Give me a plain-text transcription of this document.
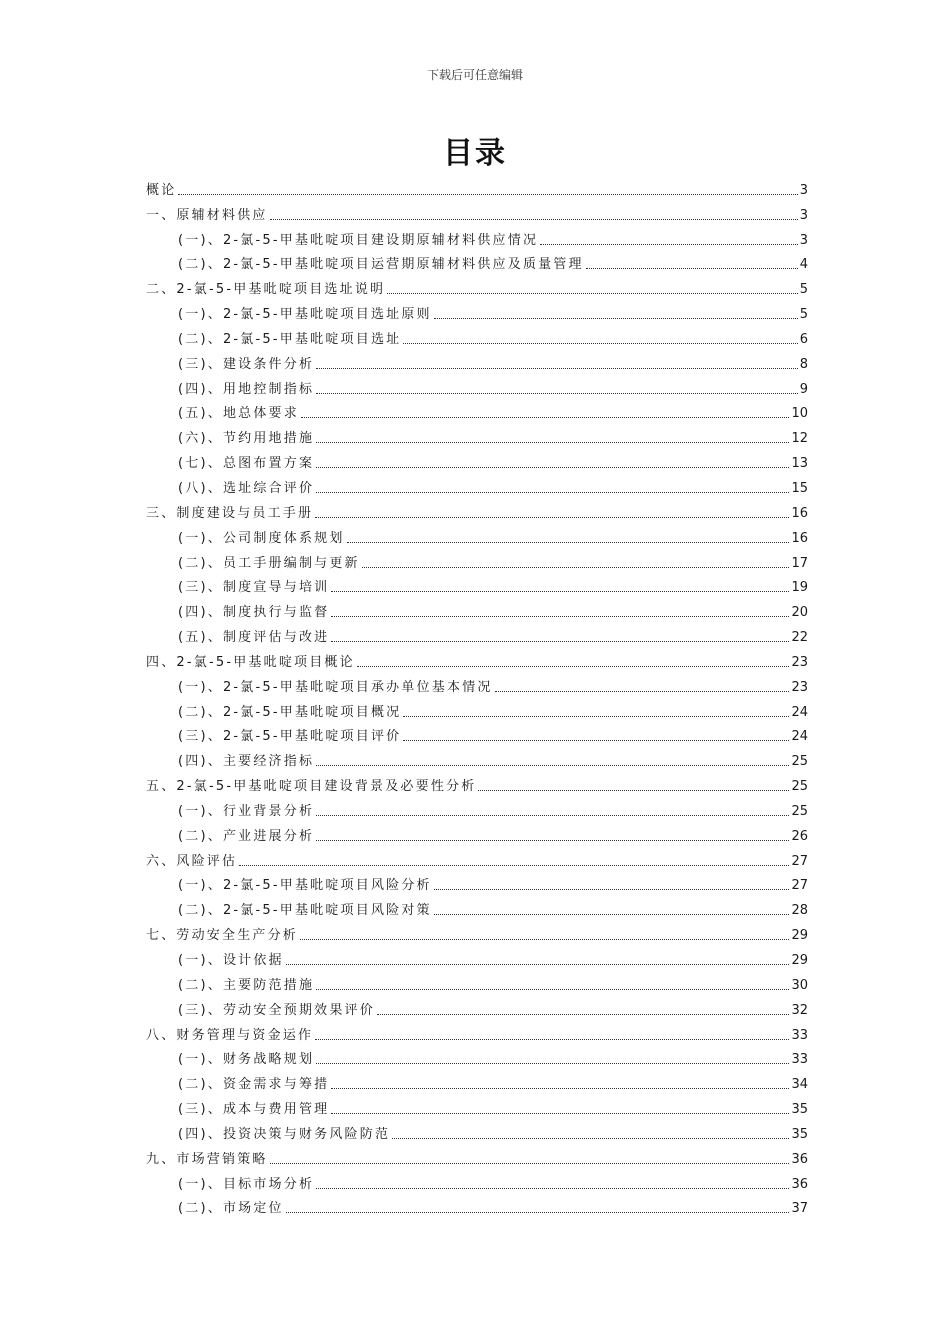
下载后可任意编辑
目录
概论	3
一、原辅材料供应	3
(一)、2-氯-5-甲基吡啶项目建设期原辅材料供应情况	3
(二)、2-氯-5-甲基吡啶项目运营期原辅材料供应及质量管理	4
二、2-氯-5-甲基吡啶项目选址说明	5
(一)、2-氯-5-甲基吡啶项目选址原则	5
(二)、2-氯-5-甲基吡啶项目选址	6
(三)、建设条件分析	8
(四)、用地控制指标	9
(五)、地总体要求	10
(六)、节约用地措施	12
(七)、总图布置方案	13
(八)、选址综合评价	15
三、制度建设与员工手册	16
(一)、公司制度体系规划	16
(二)、员工手册编制与更新	17
(三)、制度宣导与培训	19
(四)、制度执行与监督	20
(五)、制度评估与改进	22
四、2-氯-5-甲基吡啶项目概论	23
(一)、2-氯-5-甲基吡啶项目承办单位基本情况	23
(二)、2-氯-5-甲基吡啶项目概况	24
(三)、2-氯-5-甲基吡啶项目评价	24
(四)、主要经济指标	25
五、2-氯-5-甲基吡啶项目建设背景及必要性分析	25
(一)、行业背景分析	25
(二)、产业进展分析	26
六、风险评估	27
(一)、2-氯-5-甲基吡啶项目风险分析	27
(二)、2-氯-5-甲基吡啶项目风险对策	28
七、劳动安全生产分析	29
(一)、设计依据	29
(二)、主要防范措施	30
(三)、劳动安全预期效果评价	32
八、财务管理与资金运作	33
(一)、财务战略规划	33
(二)、资金需求与筹措	34
(三)、成本与费用管理	35
(四)、投资决策与财务风险防范	35
九、市场营销策略	36
(一)、目标市场分析	36
(二)、市场定位	37
